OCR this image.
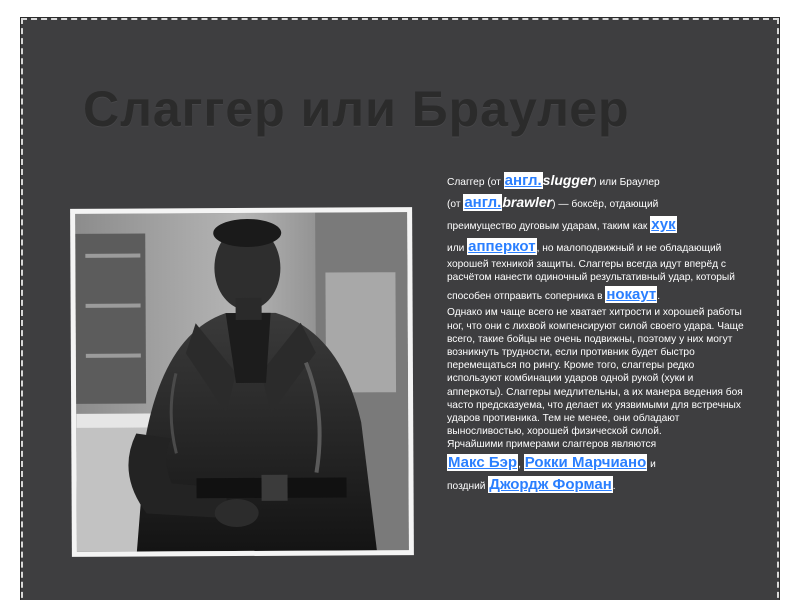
Слаггер или Браулер
Слаггер (от англ.slugger) или Браулер
(от англ.brawler) — боксёр, отдающий
преимущество дуговым ударам, таким как хук
или апперкот, но малоподвижный и не обладающий хорошей техникой защиты. Слаггеры всегда идут вперёд с расчётом нанести одиночный результативный удар, который
способен отправить соперника в нокаут.
Однако им чаще всего не хватает хитрости и хорошей работы ног, что они с лихвой компенсируют силой своего удара. Чаще всего, такие бойцы не очень подвижны, поэтому у них могут возникнуть трудности, если противник будет быстро перемещаться по рингу. Кроме того, слаггеры редко используют комбинации ударов одной рукой (хуки и апперкоты). Слаггеры медлительны, а их манера ведения боя часто предсказуема, что делает их уязвимыми для встречных ударов противника. Тем не менее, они обладают выносливостью, хорошей физической силой.
Ярчайшими примерами слаггеров являются
Макс Бэр, Рокки Марчиано и
поздний Джордж Форман.
